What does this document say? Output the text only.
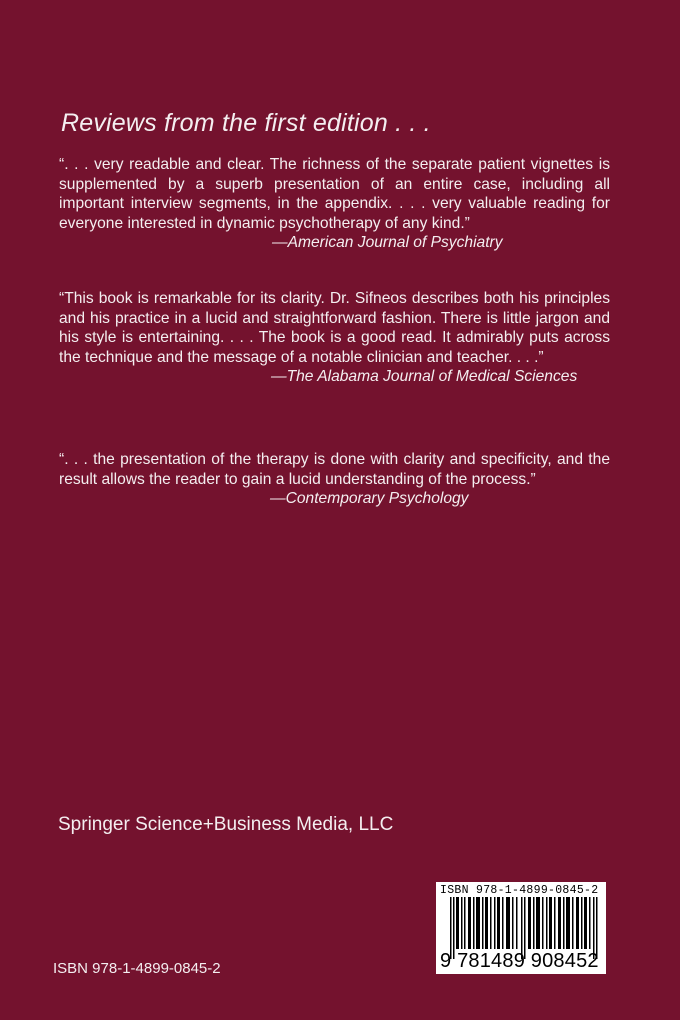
Reviews from the first edition . . .
“. . . very readable and clear. The richness of the separate patient vignettes is supplemented by a superb presentation of an entire case, including all important interview segments, in the appendix. . . . very valuable reading for everyone interested in dynamic psychotherapy of any kind.”
—American Journal of Psychiatry
“This book is remarkable for its clarity. Dr. Sifneos describes both his principles and his practice in a lucid and straightforward fashion. There is little jargon and his style is entertaining. . . . The book is a good read. It admirably puts across the technique and the message of a notable clinician and teacher. . . .”
—The Alabama Journal of Medical Sciences
“. . . the presentation of the therapy is done with clarity and specificity, and the result allows the reader to gain a lucid understanding of the process.”
—Contemporary Psychology
Springer Science+Business Media, LLC
ISBN 978-1-4899-0845-2
9 781489 908452
ISBN 978-1-4899-0845-2
